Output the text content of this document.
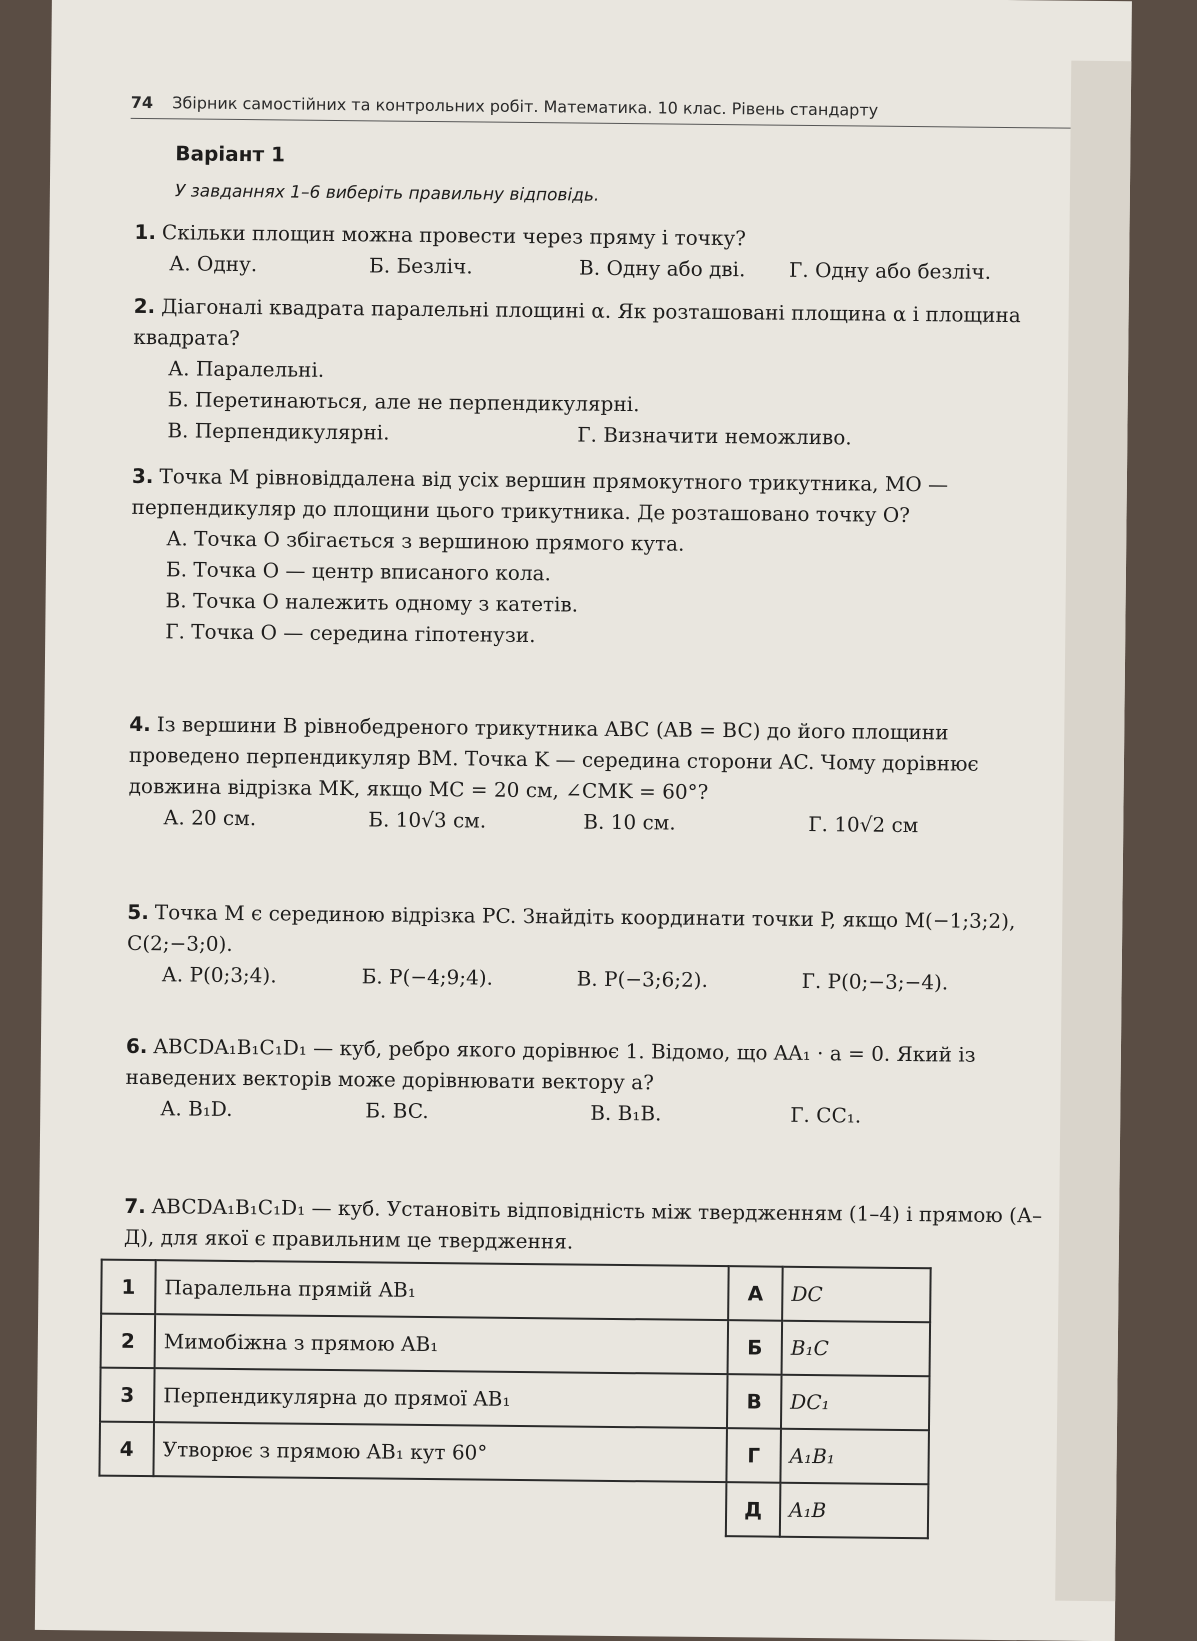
74 Збірник самостійних та контрольних робіт. Математика. 10 клас. Рівень стандарту
Варіант 1
У завданнях 1–6 виберіть правильну відповідь.
1. Скільки площин можна провести через пряму і точку?
А. Одну.	Б. Безліч.	В. Одну або дві.	Г. Одну або безліч.
2. Діагоналі квадрата паралельні площині α. Як розташовані площина α і площина квадрата?
А. Паралельні.
Б. Перетинаються, але не перпендикулярні.
В. Перпендикулярні.	Г. Визначити неможливо.
3. Точка M рівновіддалена від усіх вершин прямокутного трикутника, MO — перпендикуляр до площини цього трикутника. Де розташовано точку O?
А. Точка O збігається з вершиною прямого кута.
Б. Точка O — центр вписаного кола.
В. Точка O належить одному з катетів.
Г. Точка O — середина гіпотенузи.
4. Із вершини B рівнобедреного трикутника ABC (AB = BC) до його площини проведено перпендикуляр BM. Точка K — середина сторони AC. Чому дорівнює довжина відрізка MK, якщо MC = 20 см, ∠CMK = 60°?
А. 20 см.	Б. 10√3 см.	В. 10 см.	Г. 10√2 см
5. Точка M є серединою відрізка PC. Знайдіть координати точки P, якщо M(−1;3;2), C(2;−3;0).
А. P(0;3;4).	Б. P(−4;9;4).	В. P(−3;6;2).	Г. P(0;−3;−4).
6. ABCDA₁B₁C₁D₁ — куб, ребро якого дорівнює 1. Відомо, що AA₁ · a = 0. Який із наведених векторів може дорівнювати вектору a?
А. B₁D.	Б. BC.	В. B₁B.	Г. CC₁.
7. ABCDA₁B₁C₁D₁ — куб. Установіть відповідність між твердженням (1–4) і прямою (А–Д), для якої є правильним це твердження.
1	Паралельна прямій AB₁	А	DC
2	Мимобіжна з прямою AB₁	Б	B₁C
3	Перпендикулярна до прямої AB₁	В	DC₁
4	Утворює з прямою AB₁ кут 60°	Г	A₁B₁
		Д	A₁B
